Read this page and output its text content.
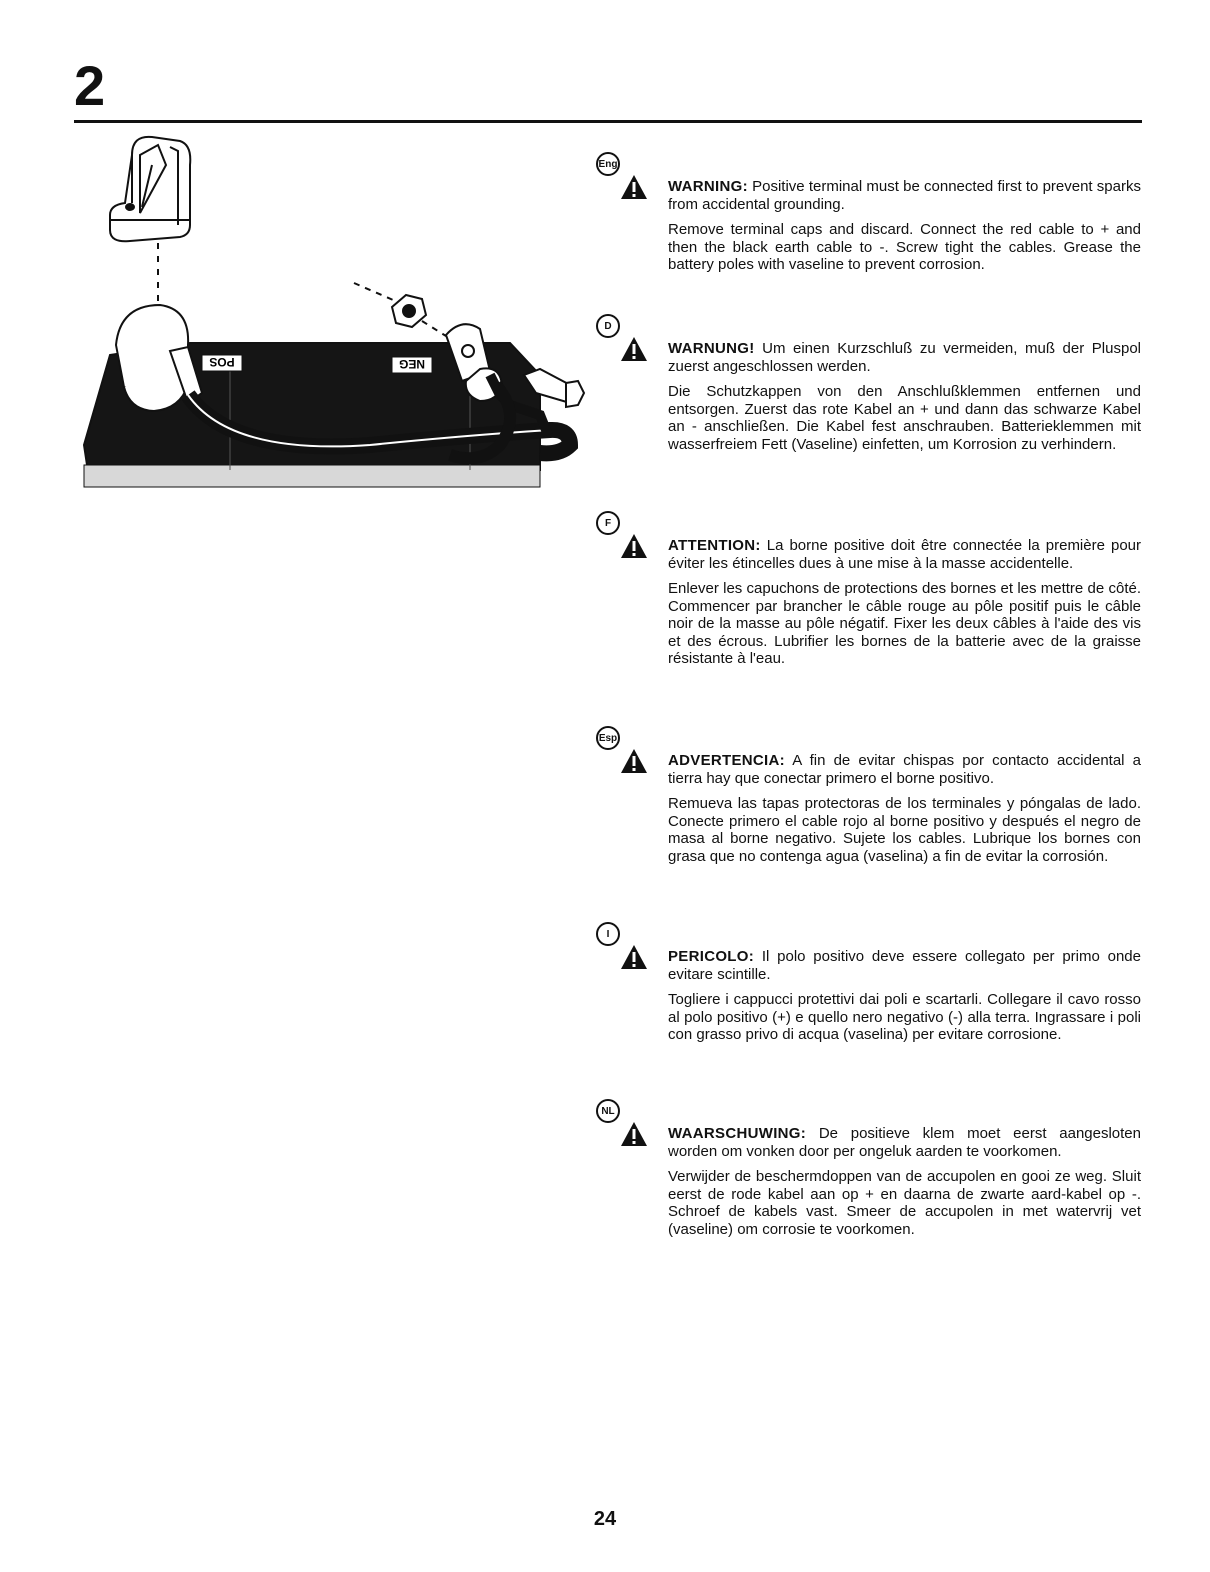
2
POS	NEG
Eng
WARNING: Positive terminal must be connected first to prevent sparks from accidental grounding.
Remove terminal caps and discard. Connect the red cable to + and then the black earth cable to -. Screw tight the cables. Grease the battery poles with vaseline to prevent corrosion.
D
WARNUNG! Um einen Kurzschluß zu vermeiden, muß der Pluspol zuerst angeschlossen werden.
Die Schutzkappen von den Anschlußklemmen entfernen und entsorgen. Zuerst das rote Kabel an + und dann das schwarze Kabel an - anschließen. Die Kabel fest anschrauben. Batterieklemmen mit wasserfreiem Fett (Vaseline) einfetten, um Korrosion zu verhindern.
F
ATTENTION: La borne positive doit être connectée la première pour éviter les étincelles dues à une mise à la masse accidentelle.
Enlever les capuchons de protections des bornes et les mettre de côté. Commencer par brancher le câble rouge au pôle positif puis le câble noir de la masse au pôle négatif. Fixer les deux câbles à l'aide des vis et des écrous. Lubrifier les bornes de la batterie avec de la graisse résistante à l'eau.
Esp
ADVERTENCIA: A fin de evitar chispas por contacto accidental a tierra hay que conectar primero el borne positivo.
Remueva las tapas protectoras de los terminales y póngalas de lado. Conecte primero el cable rojo al borne positivo y después el negro de masa al borne negativo. Sujete los cables. Lubrique los bornes con grasa que no contenga agua (vaselina) a fin de evitar la corrosión.
I
PERICOLO: Il polo positivo deve essere collegato per primo onde evitare scintille.
Togliere i cappucci protettivi dai poli e scartarli. Collegare il cavo rosso al polo positivo (+) e quello nero negativo (-) alla terra. Ingrassare i poli con grasso privo di acqua (vaselina) per evitare corrosione.
NL
WAARSCHUWING: De positieve klem moet eerst aangesloten worden om vonken door per ongeluk aarden te voorkomen.
Verwijder de beschermdoppen van de accupolen en gooi ze weg. Sluit eerst de rode kabel aan op + en daarna de zwarte aard-kabel op -. Schroef de kabels vast. Smeer de accupolen in met watervrij vet (vaseline) om corrosie te voorkomen.
24
